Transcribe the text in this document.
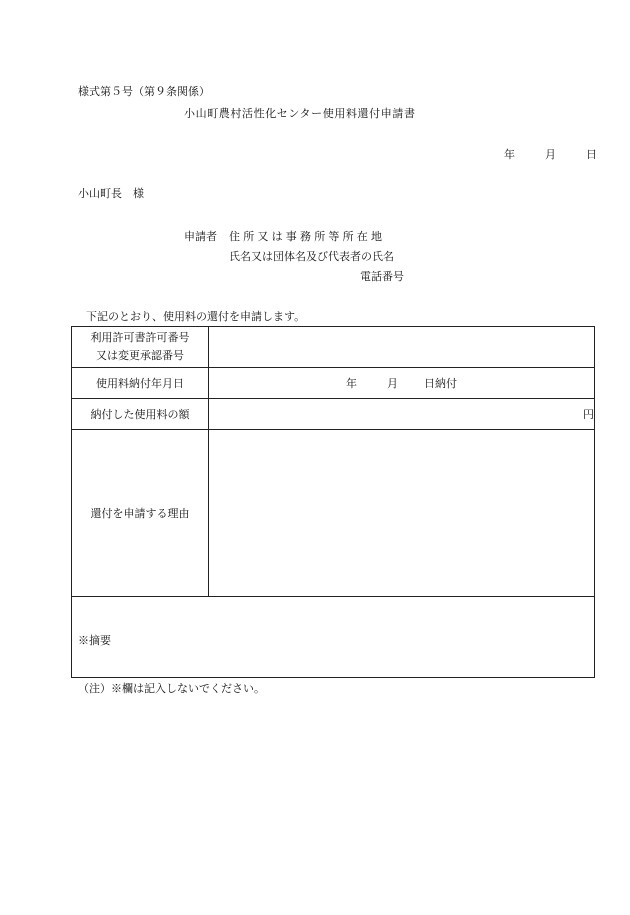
様式第５号（第９条関係）
小山町農村活性化センター使用料還付申請書
年	月	日
小山町長　様
申請者 住所又は事務所等所在地
氏名又は団体名及び代表者の氏名
電話番号
下記のとおり、使用料の還付を申請します。
利用許可書許可番号
又は変更承認番号	

使用料納付年月日	年 月 日納付
納付した使用料の額	円
還付を申請する理由	

※摘要	
（注）※欄は記入しないでください。
